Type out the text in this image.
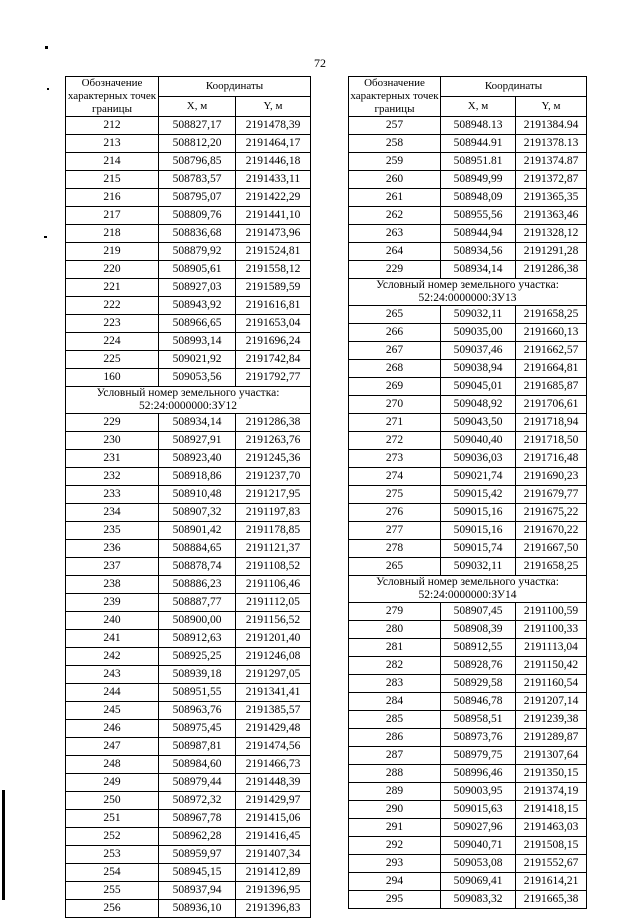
72
Обозначение характерных точек границы	Координаты	
	X, м	Y, м
212	508827,17	2191478,39
213	508812,20	2191464,17
214	508796,85	2191446,18
215	508783,57	2191433,11
216	508795,07	2191422,29
217	508809,76	2191441,10
218	508836,68	2191473,96
219	508879,92	2191524,81
220	508905,61	2191558,12
221	508927,03	2191589,59
222	508943,92	2191616,81
223	508966,65	2191653,04
224	508993,14	2191696,24
225	509021,92	2191742,84
160	509053,56	2191792,77
Условный номер земельного участка: 52:24:0000000:ЗУ12		
229	508934,14	2191286,38
230	508927,91	2191263,76
231	508923,40	2191245,36
232	508918,86	2191237,70
233	508910,48	2191217,95
234	508907,32	2191197,83
235	508901,42	2191178,85
236	508884,65	2191121,37
237	508878,74	2191108,52
238	508886,23	2191106,46
239	508887,77	2191112,05
240	508900,00	2191156,52
241	508912,63	2191201,40
242	508925,25	2191246,08
243	508939,18	2191297,05
244	508951,55	2191341,41
245	508963,76	2191385,57
246	508975,45	2191429,48
247	508987,81	2191474,56
248	508984,60	2191466,73
249	508979,44	2191448,39
250	508972,32	2191429,97
251	508967,78	2191415,06
252	508962,28	2191416,45
253	508959,97	2191407,34
254	508945,15	2191412,89
255	508937,94	2191396,95
256	508936,10	2191396,83
Обозначение характерных точек границы	Координаты	
	X, м	Y, м
257	508948.13	2191384.94
258	508944.91	2191378.13
259	508951.81	2191374.87
260	508949,99	2191372,87
261	508948,09	2191365,35
262	508955,56	2191363,46
263	508944,94	2191328,12
264	508934,56	2191291,28
229	508934,14	2191286,38
Условный номер земельного участка: 52:24:0000000:ЗУ13		
265	509032,11	2191658,25
266	509035,00	2191660,13
267	509037,46	2191662,57
268	509038,94	2191664,81
269	509045,01	2191685,87
270	509048,92	2191706,61
271	509043,50	2191718,94
272	509040,40	2191718,50
273	509036,03	2191716,48
274	509021,74	2191690,23
275	509015,42	2191679,77
276	509015,16	2191675,22
277	509015,16	2191670,22
278	509015,74	2191667,50
265	509032,11	2191658,25
Условный номер земельного участка: 52:24:0000000:ЗУ14		
279	508907,45	2191100,59
280	508908,39	2191100,33
281	508912,55	2191113,04
282	508928,76	2191150,42
283	508929,58	2191160,54
284	508946,78	2191207,14
285	508958,51	2191239,38
286	508973,76	2191289,87
287	508979,75	2191307,64
288	508996,46	2191350,15
289	509003,95	2191374,19
290	509015,63	2191418,15
291	509027,96	2191463,03
292	509040,71	2191508,15
293	509053,08	2191552,67
294	509069,41	2191614,21
295	509083,32	2191665,38
